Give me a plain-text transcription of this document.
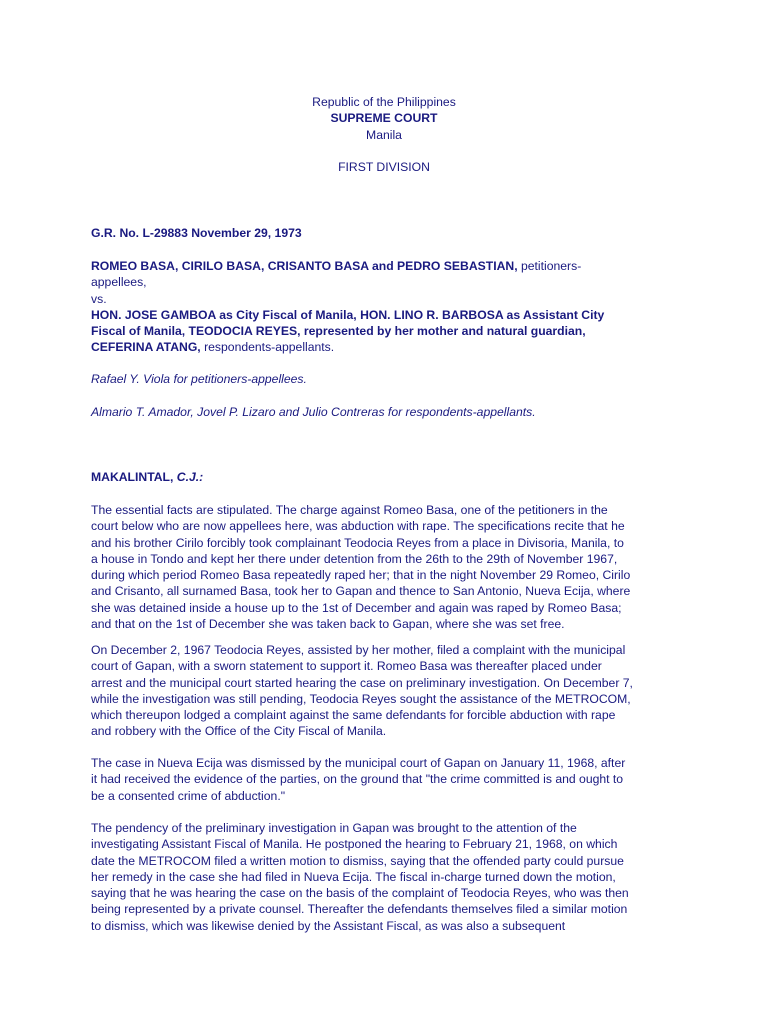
Republic of the Philippines
SUPREME COURT
Manila
FIRST DIVISION

G.R. No. L-29883 November 29, 1973

ROMEO BASA, CIRILO BASA, CRISANTO BASA and PEDRO SEBASTIAN, petitioners-

appellees,

vs.

HON. JOSE GAMBOA as City Fiscal of Manila, HON. LINO R. BARBOSA as Assistant City

Fiscal of Manila, TEODOCIA REYES, represented by her mother and natural guardian,

CEFERINA ATANG, respondents-appellants.

Rafael Y. Viola for petitioners-appellees.

Almario T. Amador, Jovel P. Lizaro and Julio Contreras for respondents-appellants.

MAKALINTAL, C.J.:

The essential facts are stipulated. The charge against Romeo Basa, one of the petitioners in the

court below who are now appellees here, was abduction with rape. The specifications recite that he

and his brother Cirilo forcibly took complainant Teodocia Reyes from a place in Divisoria, Manila, to

a house in Tondo and kept her there under detention from the 26th to the 29th of November 1967,

during which period Romeo Basa repeatedly raped her; that in the night November 29 Romeo, Cirilo

and Crisanto, all surnamed Basa, took her to Gapan and thence to San Antonio, Nueva Ecija, where

she was detained inside a house up to the 1st of December and again was raped by Romeo Basa;

and that on the 1st of December she was taken back to Gapan, where she was set free.

On December 2, 1967 Teodocia Reyes, assisted by her mother, filed a complaint with the municipal

court of Gapan, with a sworn statement to support it. Romeo Basa was thereafter placed under

arrest and the municipal court started hearing the case on preliminary investigation. On December 7,

while the investigation was still pending, Teodocia Reyes sought the assistance of the METROCOM,

which thereupon lodged a complaint against the same defendants for forcible abduction with rape

and robbery with the Office of the City Fiscal of Manila.

The case in Nueva Ecija was dismissed by the municipal court of Gapan on January 11, 1968, after

it had received the evidence of the parties, on the ground that "the crime committed is and ought to

be a consented crime of abduction."

The pendency of the preliminary investigation in Gapan was brought to the attention of the

investigating Assistant Fiscal of Manila. He postponed the hearing to February 21, 1968, on which

date the METROCOM filed a written motion to dismiss, saying that the offended party could pursue

her remedy in the case she had filed in Nueva Ecija. The fiscal in-charge turned down the motion,

saying that he was hearing the case on the basis of the complaint of Teodocia Reyes, who was then

being represented by a private counsel. Thereafter the defendants themselves filed a similar motion

to dismiss, which was likewise denied by the Assistant Fiscal, as was also a subsequent
